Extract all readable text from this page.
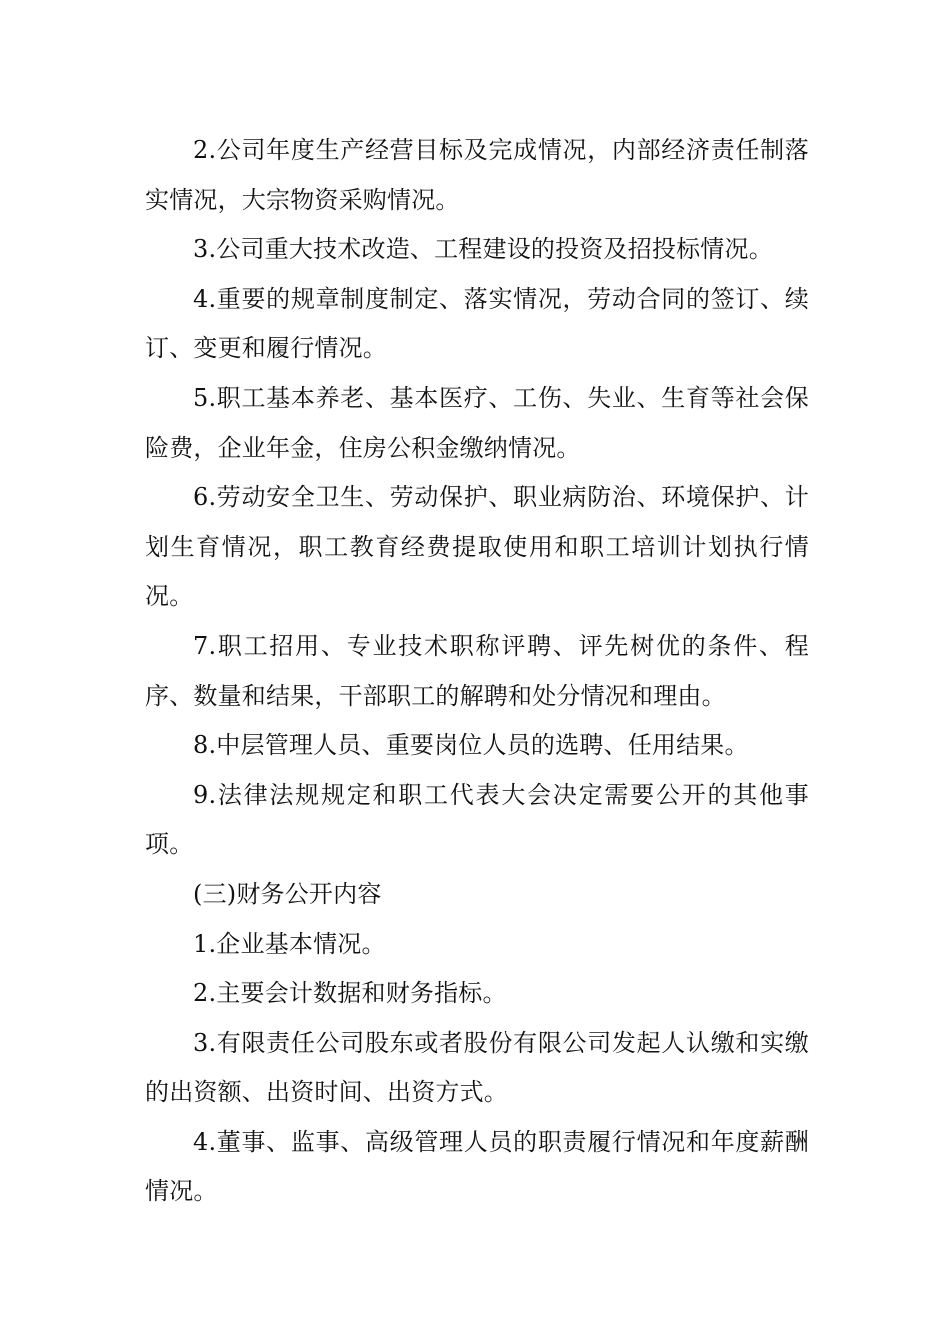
2.公司年度生产经营目标及完成情况，内部经济责任制落实情况，大宗物资采购情况。

3.公司重大技术改造、工程建设的投资及招投标情况。

4.重要的规章制度制定、落实情况，劳动合同的签订、续订、变更和履行情况。

5.职工基本养老、基本医疗、工伤、失业、生育等社会保险费，企业年金，住房公积金缴纳情况。

6.劳动安全卫生、劳动保护、职业病防治、环境保护、计划生育情况，职工教育经费提取使用和职工培训计划执行情况。

7.职工招用、专业技术职称评聘、评先树优的条件、程序、数量和结果，干部职工的解聘和处分情况和理由。

8.中层管理人员、重要岗位人员的选聘、任用结果。

9.法律法规规定和职工代表大会决定需要公开的其他事项。

(三)财务公开内容

1.企业基本情况。

2.主要会计数据和财务指标。

3.有限责任公司股东或者股份有限公司发起人认缴和实缴的出资额、出资时间、出资方式。

4.董事、监事、高级管理人员的职责履行情况和年度薪酬情况。
